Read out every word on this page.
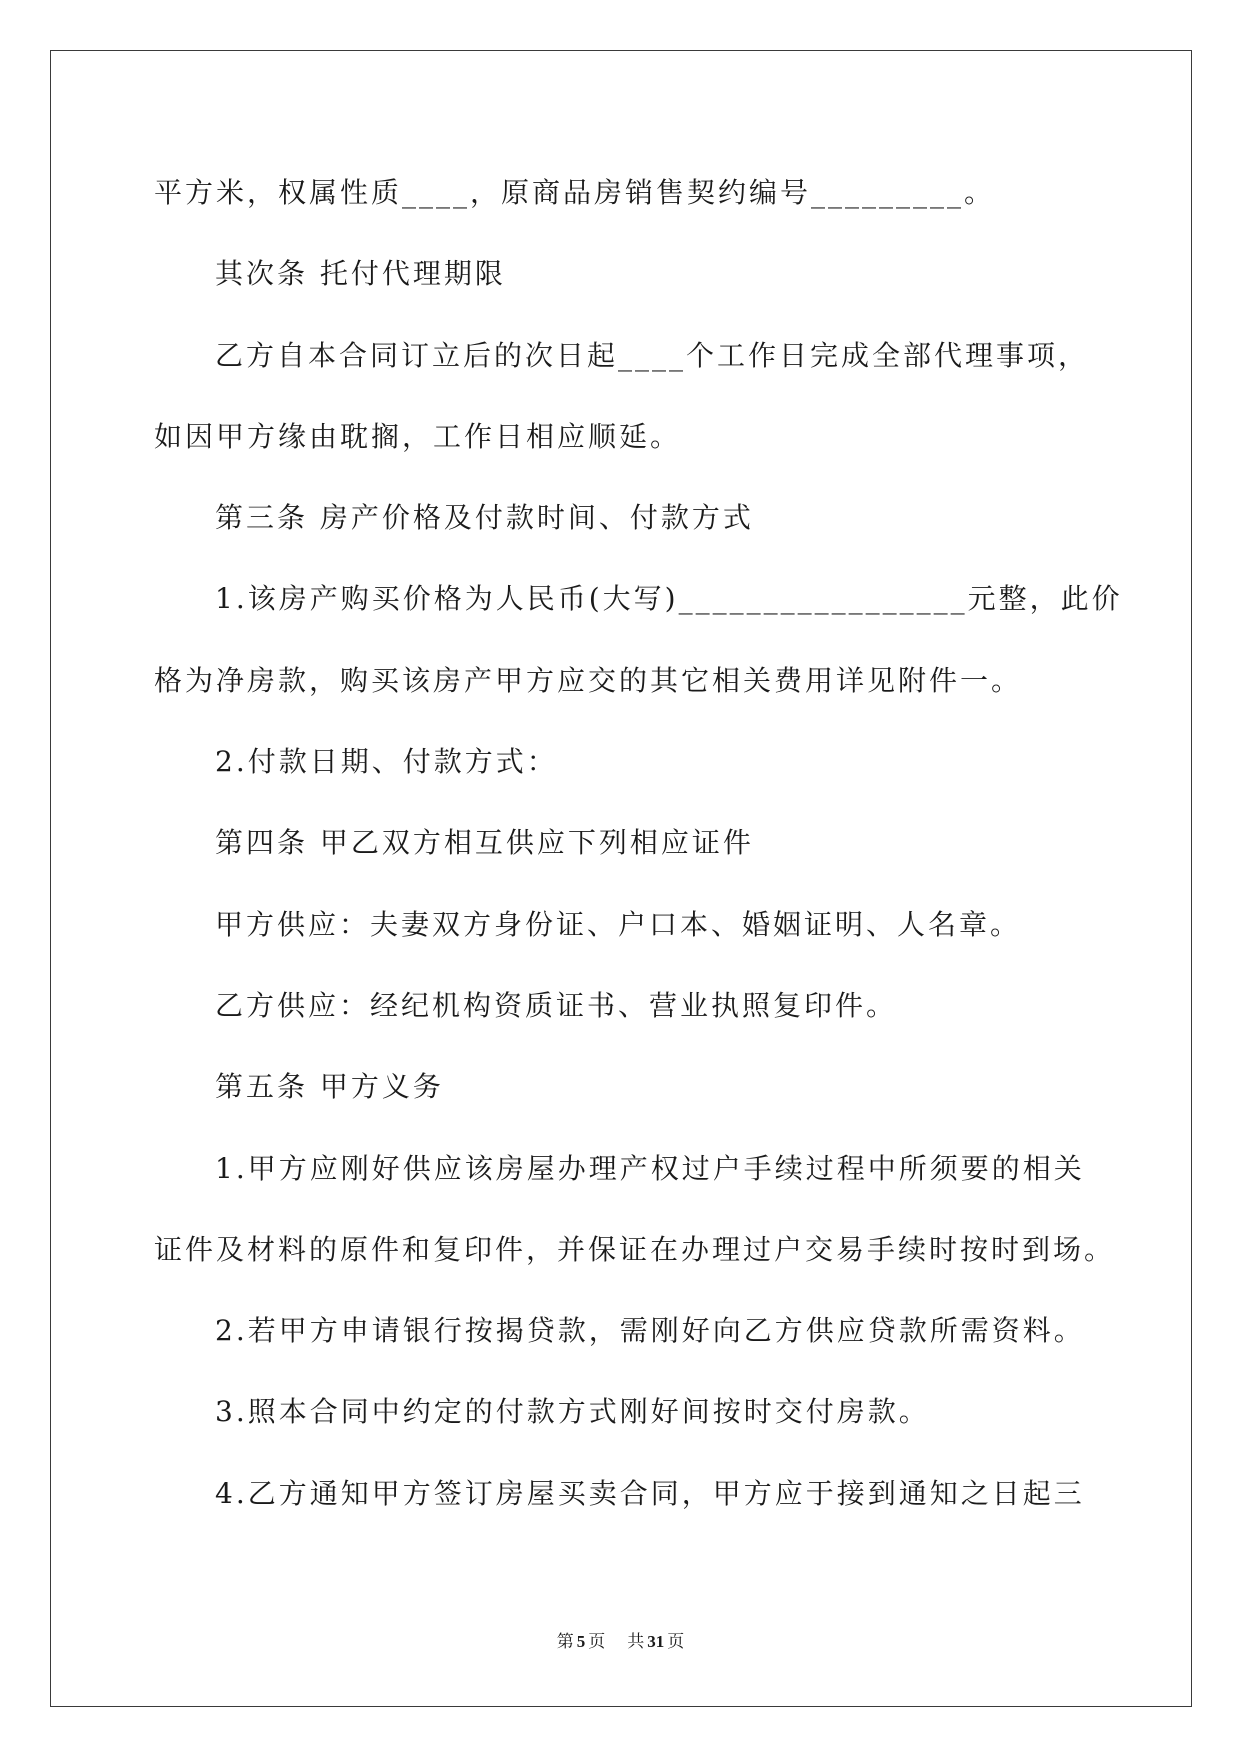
平方米，权属性质____，原商品房销售契约编号_________。
其次条 托付代理期限
乙方自本合同订立后的次日起____个工作日完成全部代理事项，
如因甲方缘由耽搁，工作日相应顺延。
第三条 房产价格及付款时间、付款方式
1.该房产购买价格为人民币(大写)_________________元整，此价
格为净房款，购买该房产甲方应交的其它相关费用详见附件一。
2.付款日期、付款方式：
第四条 甲乙双方相互供应下列相应证件
甲方供应：夫妻双方身份证、户口本、婚姻证明、人名章。
乙方供应：经纪机构资质证书、营业执照复印件。
第五条 甲方义务
1.甲方应刚好供应该房屋办理产权过户手续过程中所须要的相关
证件及材料的原件和复印件，并保证在办理过户交易手续时按时到场。
2.若甲方申请银行按揭贷款，需刚好向乙方供应贷款所需资料。
3.照本合同中约定的付款方式刚好间按时交付房款。
4.乙方通知甲方签订房屋买卖合同，甲方应于接到通知之日起三
第 5 页 共 31 页
